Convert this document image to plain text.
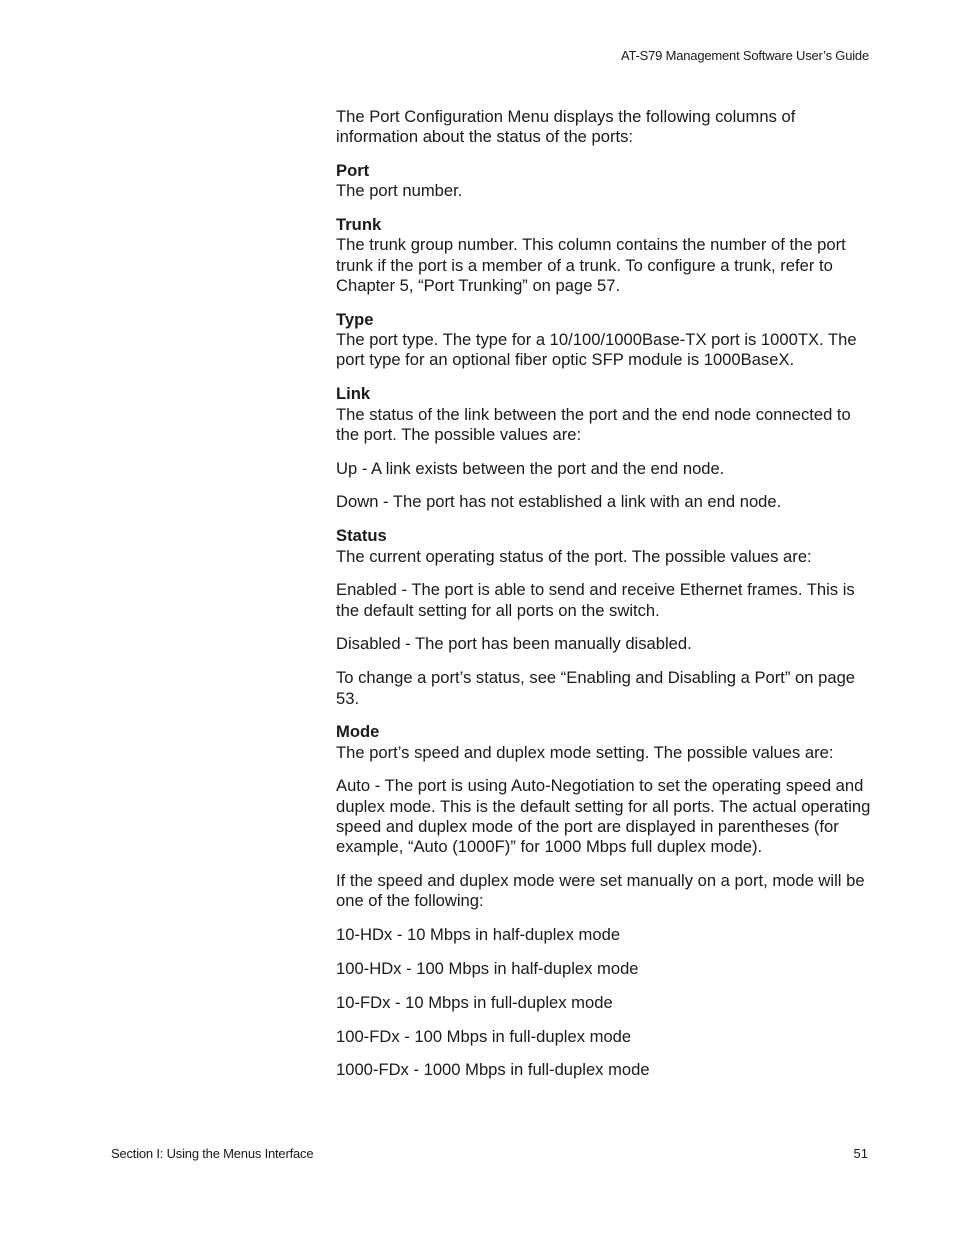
AT-S79 Management Software User’s Guide

The Port Configuration Menu displays the following columns of information about the status of the ports:

Port

The port number.

Trunk

The trunk group number. This column contains the number of the port trunk if the port is a member of a trunk. To configure a trunk, refer to Chapter 5, “Port Trunking” on page 57.

Type

The port type. The type for a 10/100/1000Base-TX port is 1000TX. The port type for an optional fiber optic SFP module is 1000BaseX.

Link

The status of the link between the port and the end node connected to the port. The possible values are:

Up - A link exists between the port and the end node.

Down - The port has not established a link with an end node.

Status

The current operating status of the port. The possible values are:

Enabled - The port is able to send and receive Ethernet frames. This is the default setting for all ports on the switch.

Disabled - The port has been manually disabled.

To change a port’s status, see “Enabling and Disabling a Port” on page 53.

Mode

The port’s speed and duplex mode setting. The possible values are:

Auto - The port is using Auto-Negotiation to set the operating speed and duplex mode. This is the default setting for all ports. The actual operating speed and duplex mode of the port are displayed in parentheses (for example, “Auto (1000F)” for 1000 Mbps full duplex mode).

If the speed and duplex mode were set manually on a port, mode will be one of the following:

10-HDx - 10 Mbps in half-duplex mode

100-HDx - 100 Mbps in half-duplex mode

10-FDx - 10 Mbps in full-duplex mode

100-FDx - 100 Mbps in full-duplex mode

1000-FDx - 1000 Mbps in full-duplex mode

Section I: Using the Menus Interface	51
